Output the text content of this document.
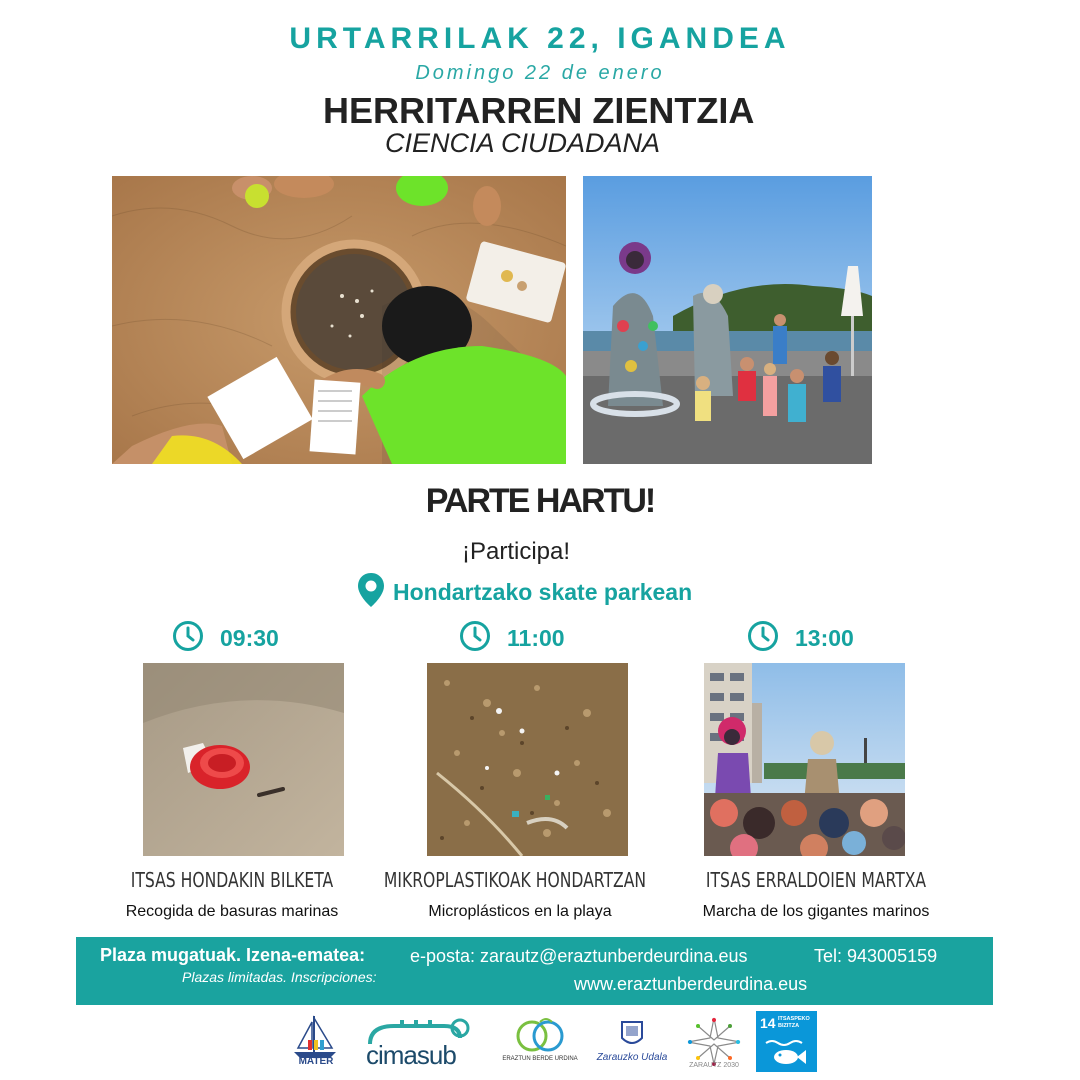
URTARRILAK 22, IGANDEA
Domingo 22 de enero
HERRITARREN ZIENTZIA
CIENCIA CIUDADANA
PARTE HARTU!
¡Participa!
Hondartzako skate parkean
09:30	11:00	13:00
ITSAS HONDAKIN BILKETA
Recogida de basuras marinas
MIKROPLASTIKOAK HONDARTZAN
Microplásticos en la playa
ITSAS ERRALDOIEN MARTXA
Marcha de los gigantes marinos
Plaza mugatuak. Izena-ematea:
Plazas limitadas. Inscripciones:
e-posta: zarautz@eraztunberdeurdina.eus	Tel: 943005159
www.eraztunberdeurdina.eus
MATER	cimasub	ERAZTUN BERDE URDINA	Zarauzko Udala
ZARAUTZ 2030
14 ITSASPEKO BIZITZA
